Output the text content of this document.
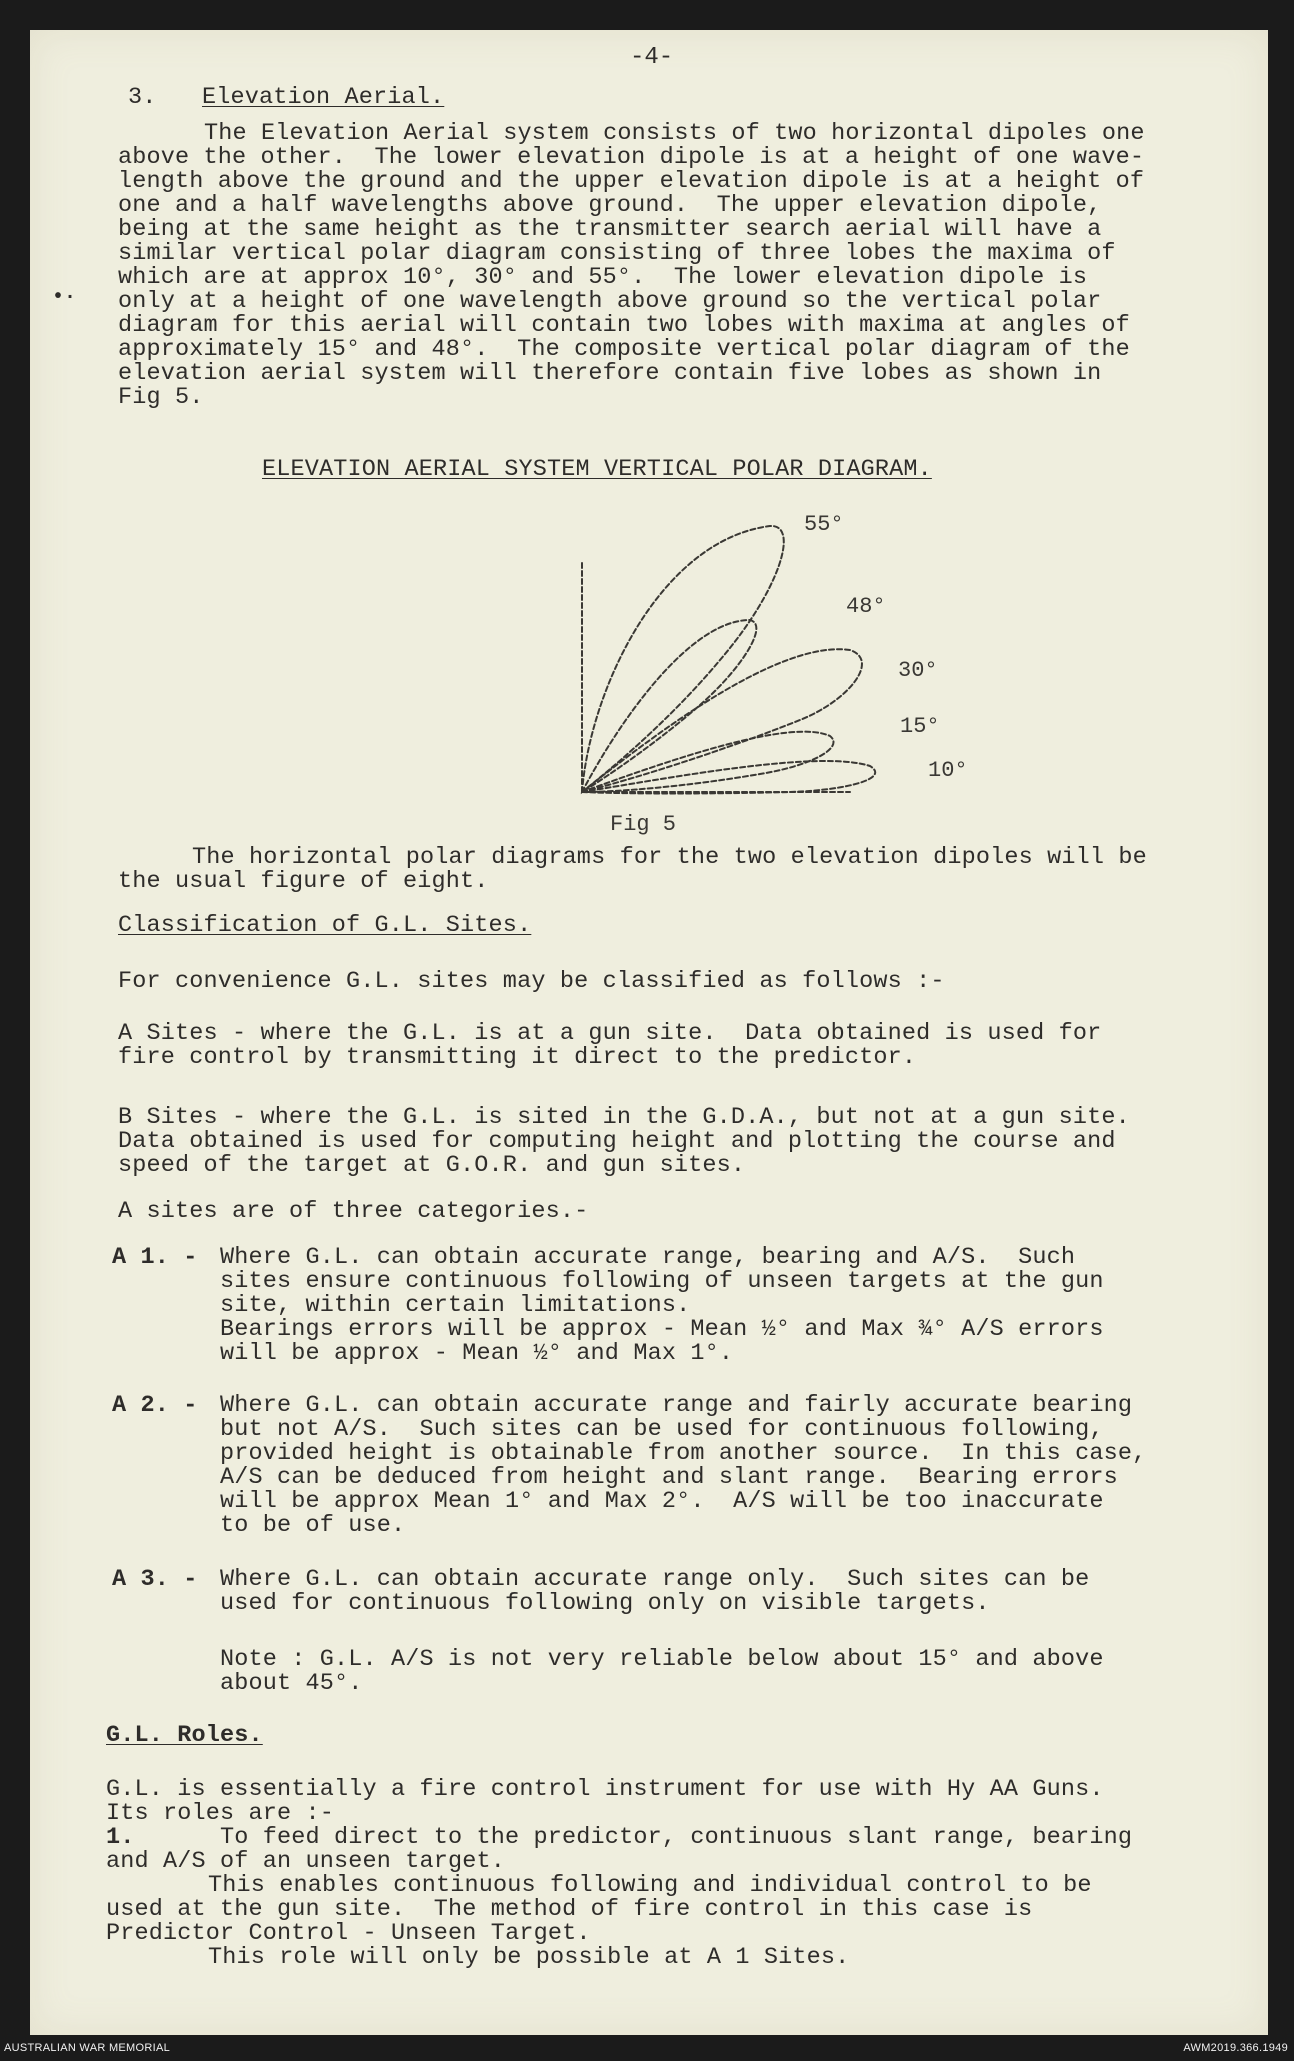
-4-
•·
3. Elevation Aerial.
The Elevation Aerial system consists of two horizontal dipoles one
above the other.  The lower elevation dipole is at a height of one wave-
length above the ground and the upper elevation dipole is at a height of
one and a half wavelengths above ground.  The upper elevation dipole,
being at the same height as the transmitter search aerial will have a
similar vertical polar diagram consisting of three lobes the maxima of
which are at approx 10°, 30° and 55°.  The lower elevation dipole is
only at a height of one wavelength above ground so the vertical polar
diagram for this aerial will contain two lobes with maxima at angles of
approximately 15° and 48°.  The composite vertical polar diagram of the
elevation aerial system will therefore contain five lobes as shown in
Fig 5.
ELEVATION AERIAL SYSTEM VERTICAL POLAR DIAGRAM.
55°
48°
30°
15°
10°
Fig 5
The horizontal polar diagrams for the two elevation dipoles will be
the usual figure of eight.
Classification of G.L. Sites.
For convenience G.L. sites may be classified as follows :-
A Sites - where the G.L. is at a gun site.  Data obtained is used for
fire control by transmitting it direct to the predictor.
B Sites - where the G.L. is sited in the G.D.A., but not at a gun site.
Data obtained is used for computing height and plotting the course and
speed of the target at G.O.R. and gun sites.
A sites are of three categories.-
A 1. - Where G.L. can obtain accurate range, bearing and A/S.  Such
sites ensure continuous following of unseen targets at the gun
site, within certain limitations.
Bearings errors will be approx - Mean ½° and Max ¾° A/S errors
will be approx - Mean ½° and Max 1°.
A 2. - Where G.L. can obtain accurate range and fairly accurate bearing
but not A/S.  Such sites can be used for continuous following,
provided height is obtainable from another source.  In this case,
A/S can be deduced from height and slant range.  Bearing errors
will be approx Mean 1° and Max 2°.  A/S will be too inaccurate
to be of use.
A 3. - Where G.L. can obtain accurate range only.  Such sites can be
used for continuous following only on visible targets.
Note : G.L. A/S is not very reliable below about 15° and above
about 45°.
G.L. Roles.
G.L. is essentially a fire control instrument for use with Hy AA Guns.
Its roles are :-
1.	To feed direct to the predictor, continuous slant range, bearing
and A/S of an unseen target.
This enables continuous following and individual control to be
used at the gun site.  The method of fire control in this case is
Predictor Control - Unseen Target.
This role will only be possible at A 1 Sites.
AUSTRALIAN WAR MEMORIAL	AWM2019.366.1949
